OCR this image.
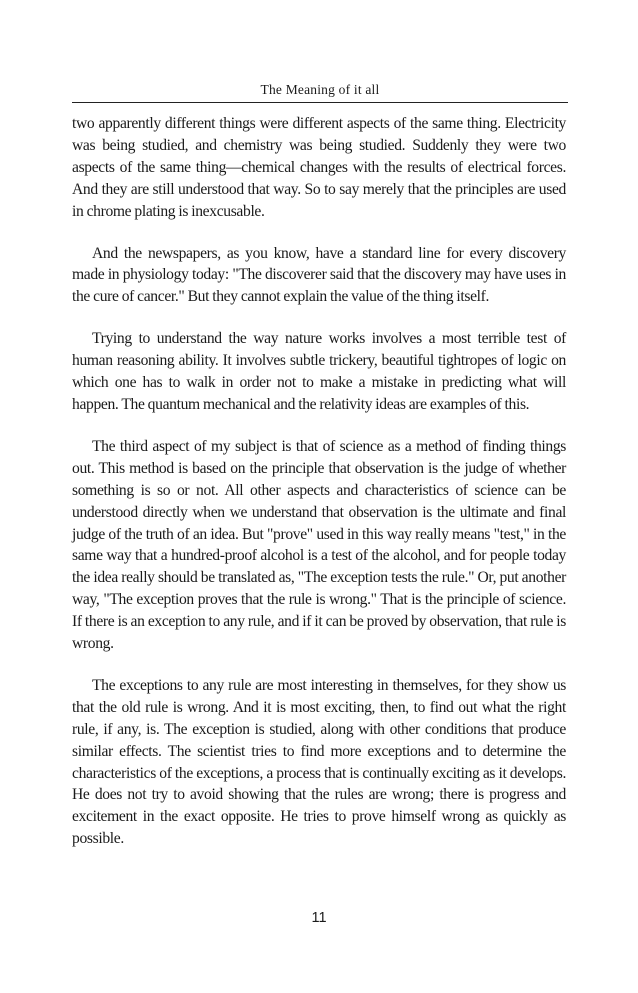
The Meaning of it all

two apparently different things were different aspects of the same thing. Electricity was being studied, and chemistry was being studied. Suddenly they were two aspects of the same thing—chemical changes with the results of electrical forces. And they are still understood that way. So to say merely that the principles are used in chrome plating is inexcusable.

And the newspapers, as you know, have a standard line for every discovery made in physiology today: "The discoverer said that the discovery may have uses in the cure of cancer." But they cannot explain the value of the thing itself.

Trying to understand the way nature works involves a most terrible test of human reasoning ability. It involves subtle trickery, beautiful tightropes of logic on which one has to walk in order not to make a mistake in predicting what will happen. The quantum mechanical and the relativity ideas are examples of this.

The third aspect of my subject is that of science as a method of finding things out. This method is based on the principle that observation is the judge of whether something is so or not. All other aspects and characteristics of science can be understood directly when we understand that observation is the ultimate and final judge of the truth of an idea. But "prove" used in this way really means "test," in the same way that a hundred-proof alcohol is a test of the alcohol, and for people today the idea really should be translated as, "The exception tests the rule." Or, put another way, "The exception proves that the rule is wrong." That is the principle of science. If there is an exception to any rule, and if it can be proved by observation, that rule is wrong.

The exceptions to any rule are most interesting in themselves, for they show us that the old rule is wrong. And it is most exciting, then, to find out what the right rule, if any, is. The exception is studied, along with other conditions that produce similar effects. The scientist tries to find more exceptions and to determine the characteristics of the exceptions, a process that is continually exciting as it develops. He does not try to avoid showing that the rules are wrong; there is progress and excitement in the exact opposite. He tries to prove himself wrong as quickly as possible.

11
